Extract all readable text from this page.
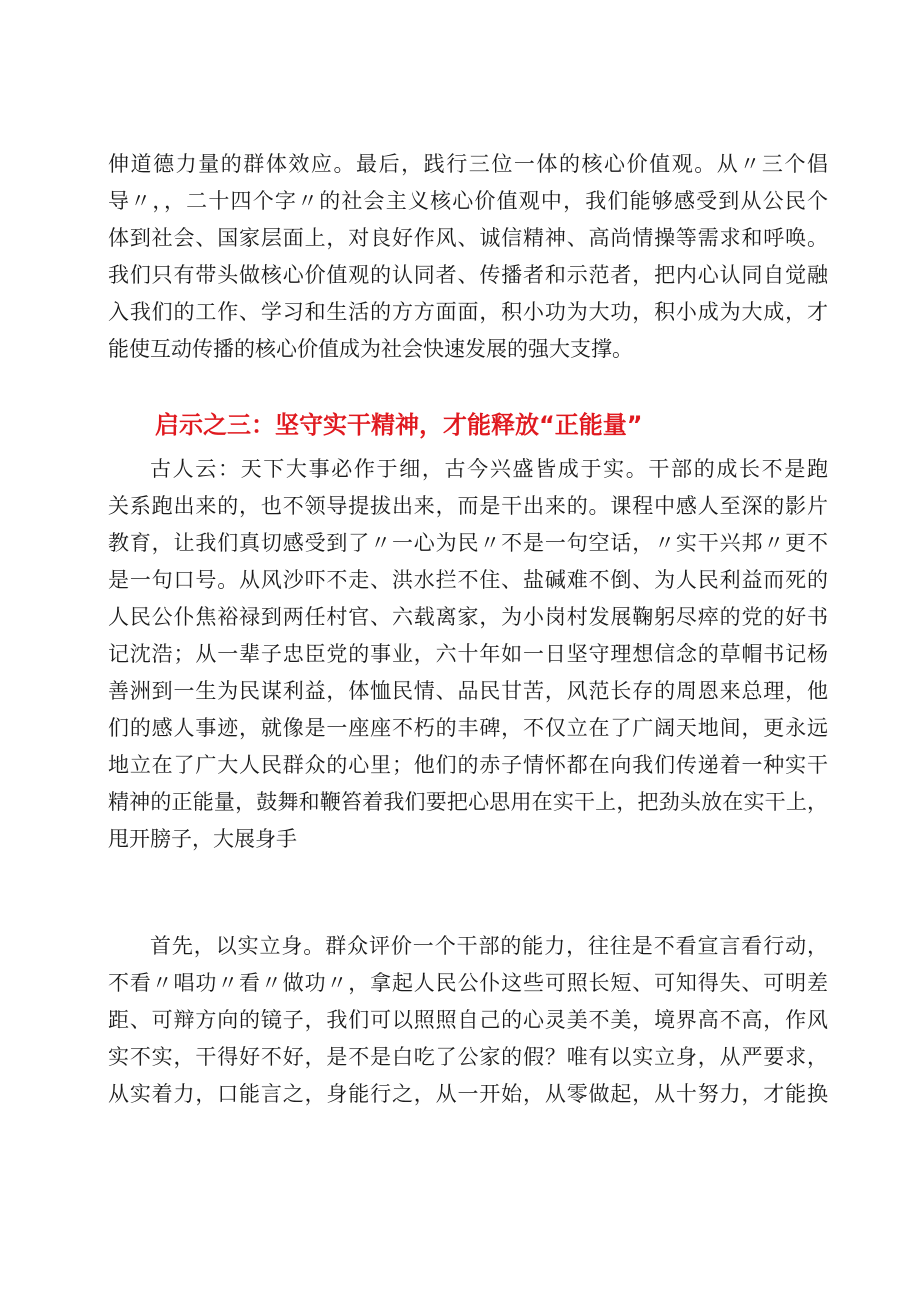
伸道德力量的群体效应。最后，践行三位一体的核心价值观。从〃三个倡
导〃，，二十四个字〃的社会主义核心价值观中，我们能够感受到从公民个
体到社会、国家层面上，对良好作风、诚信精神、高尚情操等需求和呼唤。
我们只有带头做核心价值观的认同者、传播者和示范者，把内心认同自觉融
入我们的工作、学习和生活的方方面面，积小功为大功，积小成为大成，才
能使互动传播的核心价值成为社会快速发展的强大支撑。
启示之三：坚守实干精神，才能释放“正能量”
古人云：天下大事必作于细，古今兴盛皆成于实。干部的成长不是跑
关系跑出来的，也不领导提拔出来，而是干出来的。课程中感人至深的影片
教育，让我们真切感受到了〃一心为民〃不是一句空话，〃实干兴邦〃更不
是一句口号。从风沙吓不走、洪水拦不住、盐碱难不倒、为人民利益而死的
人民公仆焦裕禄到两任村官、六载离家，为小岗村发展鞠躬尽瘁的党的好书
记沈浩；从一辈子忠臣党的事业，六十年如一日坚守理想信念的草帽书记杨
善洲到一生为民谋利益，体恤民情、品民甘苦，风范长存的周恩来总理，他
们的感人事迹，就像是一座座不朽的丰碑，不仅立在了广阔天地间，更永远
地立在了广大人民群众的心里；他们的赤子情怀都在向我们传递着一种实干
精神的正能量，鼓舞和鞭笞着我们要把心思用在实干上，把劲头放在实干上，
甩开膀子，大展身手
首先，以实立身。群众评价一个干部的能力，往往是不看宣言看行动，
不看〃唱功〃看〃做功〃，拿起人民公仆这些可照长短、可知得失、可明差
距、可辩方向的镜子，我们可以照照自己的心灵美不美，境界高不高，作风
实不实，干得好不好，是不是白吃了公家的假？唯有以实立身，从严要求，
从实着力，口能言之，身能行之，从一开始，从零做起，从十努力，才能换
